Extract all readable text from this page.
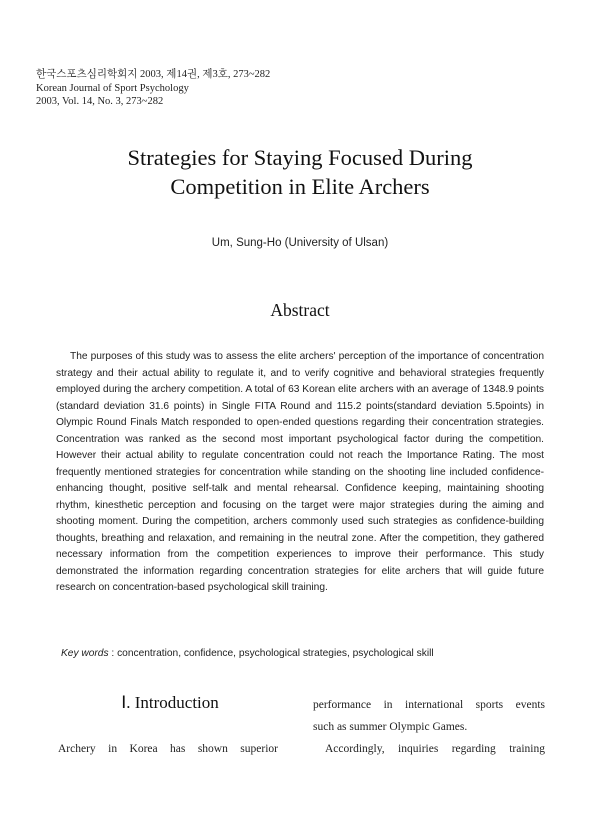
한국스포츠심리학회지 2003, 제14권, 제3호, 273~282
Korean Journal of Sport Psychology
2003, Vol. 14, No. 3, 273~282
Strategies for Staying Focused During
Competition in Elite Archers
Um, Sung-Ho (University of Ulsan)
Abstract
The purposes of this study was to assess the elite archers' perception of the importance of concentration strategy and their actual ability to regulate it, and to verify cognitive and behavioral strategies frequently employed during the archery competition. A total of 63 Korean elite archers with an average of 1348.9 points (standard deviation 31.6 points) in Single FITA Round and 115.2 points(standard deviation 5.5points) in Olympic Round Finals Match responded to open-ended questions regarding their concentration strategies. Concentration was ranked as the second most important psychological factor during the competition. However their actual ability to regulate concentration could not reach the Importance Rating. The most frequently mentioned strategies for concentration while standing on the shooting line included confidence-enhancing thought, positive self-talk and mental rehearsal. Confidence keeping, maintaining shooting rhythm, kinesthetic perception and focusing on the target were major strategies during the aiming and shooting moment. During the competition, archers commonly used such strategies as confidence-building thoughts, breathing and relaxation, and remaining in the neutral zone. After the competition, they gathered necessary information from the competition experiences to improve their performance. This study demonstrated the information regarding concentration strategies for elite archers that will guide future research on concentration-based psychological skill training.
Key words : concentration, confidence, psychological strategies, psychological skill
Ⅰ. Introduction
Archery in Korea has shown superior
performance in international sports events
such as summer Olympic Games.
Accordingly, inquiries regarding training
